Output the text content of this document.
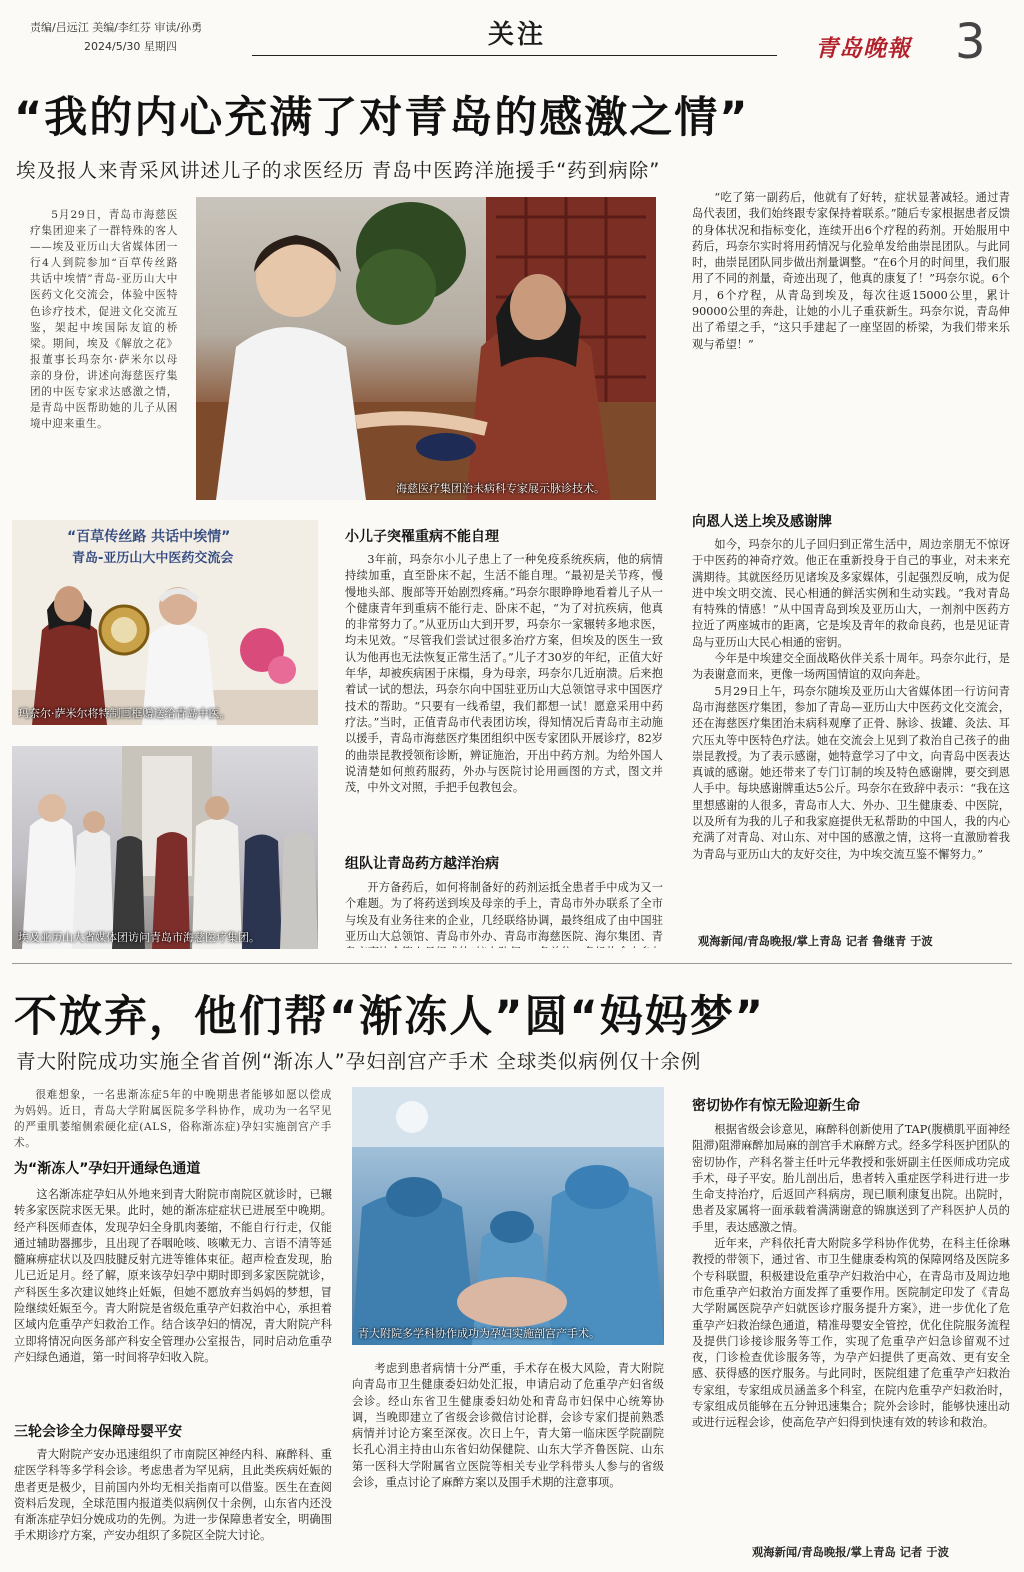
责编/吕远江 美编/李红芬 审读/孙勇
2024/5/30 星期四	关注	青岛晚報 3
“我的内心充满了对青岛的感激之情”
埃及报人来青采风讲述儿子的求医经历 青岛中医跨洋施援手“药到病除”

5月29日，青岛市海慈医疗集团迎来了一群特殊的客人——埃及亚历山大省媒体团一行4人到院参加“百草传丝路 共话中埃情”青岛-亚历山大中医药文化交流会，体验中医特色诊疗技术，促进文化交流互鉴，架起中埃国际友谊的桥梁。期间，埃及《解放之花》报董事长玛奈尔·萨米尔以母亲的身份，讲述向海慈医疗集团的中医专家求达感激之情，是青岛中医帮助她的儿子从困境中迎来重生。

海慈医疗集团治未病科专家展示脉诊技术。
“百草传丝路 共话中埃情”
青岛-亚历山大中医药交流会
玛奈尔·萨米尔将特制画框赠送给青岛中医。
埃及亚历山大省媒体团访问青岛市海慈医疗集团。
小儿子突罹重病不能自理

3年前，玛奈尔小儿子患上了一种免疫系统疾病，他的病情持续加重，直至卧床不起，生活不能自理。“最初是关节疼，慢慢地头部、腹部等开始剧烈疼痛。”玛奈尔眼睁睁地看着儿子从一个健康青年到重病不能行走、卧床不起，“为了对抗疾病，他真的非常努力了。”从亚历山大到开罗，玛奈尔一家辗转多地求医，均未见效。“尽管我们尝试过很多治疗方案，但埃及的医生一致认为他再也无法恢复正常生活了。”儿子才30岁的年纪，正值大好年华，却被疾病困于床榻，身为母亲，玛奈尔几近崩溃。后来抱着试一试的想法，玛奈尔向中国驻亚历山大总领馆寻求中国医疗技术的帮助。“只要有一线希望，我们都想一试！愿意采用中药疗法。”当时，正值青岛市代表团访埃，得知情况后青岛市主动施以援手，青岛市海慈医疗集团组织中医专家团队开展诊疗，82岁的曲崇昆教授领衔诊断，辨证施治，开出中药方剂。为给外国人说清楚如何煎药服药，外办与医院讨论用画图的方式，图文并茂，中外文对照，手把手包教包会。

组队让青岛药方越洋治病

开方备药后，如何将制备好的药剂运抵全患者手中成为又一个难题。为了将药送到埃及母亲的手上，青岛市外办联系了全市与埃及有业务往来的企业，几经联络协调，最终组成了由中国驻亚历山大总领馆、青岛市外办、青岛市海慈医院、海尔集团、青

“吃了第一副药后，他就有了好转，症状显著减轻。通过青岛代表团，我们始终跟专家保持着联系。”随后专家根据患者反馈的身体状况和指标变化，连续开出6个疗程的药剂。开始服用中药后，玛奈尔实时将用药情况与化验单发给曲崇昆团队。与此同时，曲崇昆团队同步做出剂量调整。“在6个月的时间里，我们服用了不同的剂量，奇迹出现了，他真的康复了！”玛奈尔说。6个月，6个疗程，从青岛到埃及，每次往返15000公里，累计90000公里的奔赴，让她的小儿子重获新生。玛奈尔说，青岛伸出了希望之手，“这只手建起了一座坚固的桥梁，为我们带来乐观与希望！”

向恩人送上埃及感谢牌

如今，玛奈尔的儿子回归到正常生活中，周边亲朋无不惊讶于中医药的神奇疗效。他正在重新投身于自己的事业，对未来充满期待。其就医经历见诸埃及多家媒体，引起强烈反响，成为促进中埃文明交流、民心相通的鲜活实例和生动实践。“我对青岛有特殊的情感！”从中国青岛到埃及亚历山大，一剂剂中医药方拉近了两座城市的距离，它是埃及青年的救命良药，也是见证青岛与亚历山大民心相通的密钥。

今年是中埃建交全面战略伙伴关系十周年。玛奈尔此行，是为表谢意而来，更像一场两国情谊的双向奔赴。

5月29日上午，玛奈尔随埃及亚历山大省媒体团一行访问青岛市海慈医疗集团，参加了青岛—亚历山大中医药文化交流会，还在海慈医疗集团治未病科观摩了正骨、脉诊、拔罐、灸法、耳穴压丸等中医特色疗法。她在交流会上见到了救治自己孩子的曲崇昆教授。为了表示感谢，她特意学习了中文，向青岛中医表达真诚的感谢。她还带来了专门订制的埃及特色感谢牌，要交到恩人手中。每块感谢牌重达5公斤。玛奈尔在致辞中表示：“我在这里想感谢的人很多，青岛市人大、外办、卫生健康委、中医院，以及所有为我的儿子和我家庭提供无私帮助的中国人，我的内心充满了对青岛、对山东、对中国的感激之情，这将一直激励着我为青岛与亚历山大的友好交往，为中埃交流互鉴不懈努力。”

观海新闻/青岛晚报/掌上青岛 记者 鲁继青 于波
不放弃，他们帮“渐冻人”圆“妈妈梦”
青大附院成功实施全省首例“渐冻人”孕妇剖宫产手术 全球类似病例仅十余例

很难想象，一名患渐冻症5年的中晚期患者能够如愿以偿成为妈妈。近日，青岛大学附属医院多学科协作，成功为一名罕见的严重肌萎缩侧索硬化症(ALS，俗称渐冻症)孕妇实施剖宫产手术。

为“渐冻人”孕妇开通绿色通道

这名渐冻症孕妇从外地来到青大附院市南院区就诊时，已辗转多家医院求医无果。此时，她的渐冻症症状已进展至中晚期。经产科医师查体，发现孕妇全身肌肉萎缩，不能自行行走，仅能通过辅助器挪步，且出现了吞咽呛咳、咳嗽无力、言语不清等延髓麻痹症状以及四肢腱反射亢进等锥体束征。超声检查发现，胎儿已近足月。经了解，原来该孕妇孕中期时即到多家医院就诊，产科医生多次建议她终止妊娠，但她不愿放弃当妈妈的梦想，冒险继续妊娠至今。青大附院是省级危重孕产妇救治中心，承担着区域内危重孕产妇救治工作。结合该孕妇的情况，青大附院产科立即将情况向医务部产科安全管理办公室报告，同时启动危重孕产妇绿色通道，第一时间将孕妇收入院。

三轮会诊全力保障母婴平安

青大附院产安办迅速组织了市南院区神经内科、麻醉科、重症医学科等多学科会诊。考虑患者为罕见病，且此类疾病妊娠的患者更是极少，目前国内外均无相关指南可以借鉴。医生在查阅资料后发现，全球范围内报道类似病例仅十余例，山东省内还没有渐冻症孕妇分娩成功的先例。为进一步保障患者安全，明确围手术期诊疗方案，产安办组织了多院区全院大讨论。

青大附院多学科协作成功为孕妇实施剖宫产手术。

考虑到患者病情十分严重，手术存在极大风险，青大附院向青岛市卫生健康委妇幼处汇报，申请启动了危重孕产妇省级会诊。经山东省卫生健康委妇幼处和青岛市妇保中心统筹协调，当晚即建立了省级会诊微信讨论群，会诊专家们提前熟悉病情并讨论方案至深夜。次日上午，青大第一临床医学院副院长孔心涓主持由山东省妇幼保健院、山东大学齐鲁医院、山东第一医科大学附属省立医院等相关专业学科带头人参与的省级会诊，重点讨论了麻醉方案以及围手术期的注意事项。

密切协作有惊无险迎新生命

根据省级会诊意见，麻醉科创新使用了TAP(腹横肌平面神经阻滞)阻滞麻醉加局麻的剖宫手术麻醉方式。经多学科医护团队的密切协作，产科名誉主任叶元华教授和张妍副主任医师成功完成手术，母子平安。胎儿剖出后，患者转入重症医学科进行进一步生命支持治疗，后返回产科病房，现已顺利康复出院。出院时，患者及家属将一面承载着满满谢意的锦旗送到了产科医护人员的手里，表达感激之情。

近年来，产科依托青大附院多学科协作优势，在科主任徐琳教授的带领下，通过省、市卫生健康委构筑的保障网络及医院多个专科联盟，积极建设危重孕产妇救治中心，在青岛市及周边地市危重孕产妇救治方面发挥了重要作用。医院制定印发了《青岛大学附属医院孕产妇就医诊疗服务提升方案》，进一步优化了危重孕产妇救治绿色通道，精准母婴安全管控，优化住院服务流程及提供门诊接诊服务等工作，实现了危重孕产妇急诊留观不过夜，门诊检查优诊服务等，为孕产妇提供了更高效、更有安全感、获得感的医疗服务。与此同时，医院组建了危重孕产妇救治专家组，专家组成员涵盖多个科室，在院内危重孕产妇救治时，专家组成员能够在五分钟迅速集合；院外会诊时，能够快速出动或进行远程会诊，使高危孕产妇得到快速有效的转诊和救治。

观海新闻/青岛晚报/掌上青岛 记者 于波
